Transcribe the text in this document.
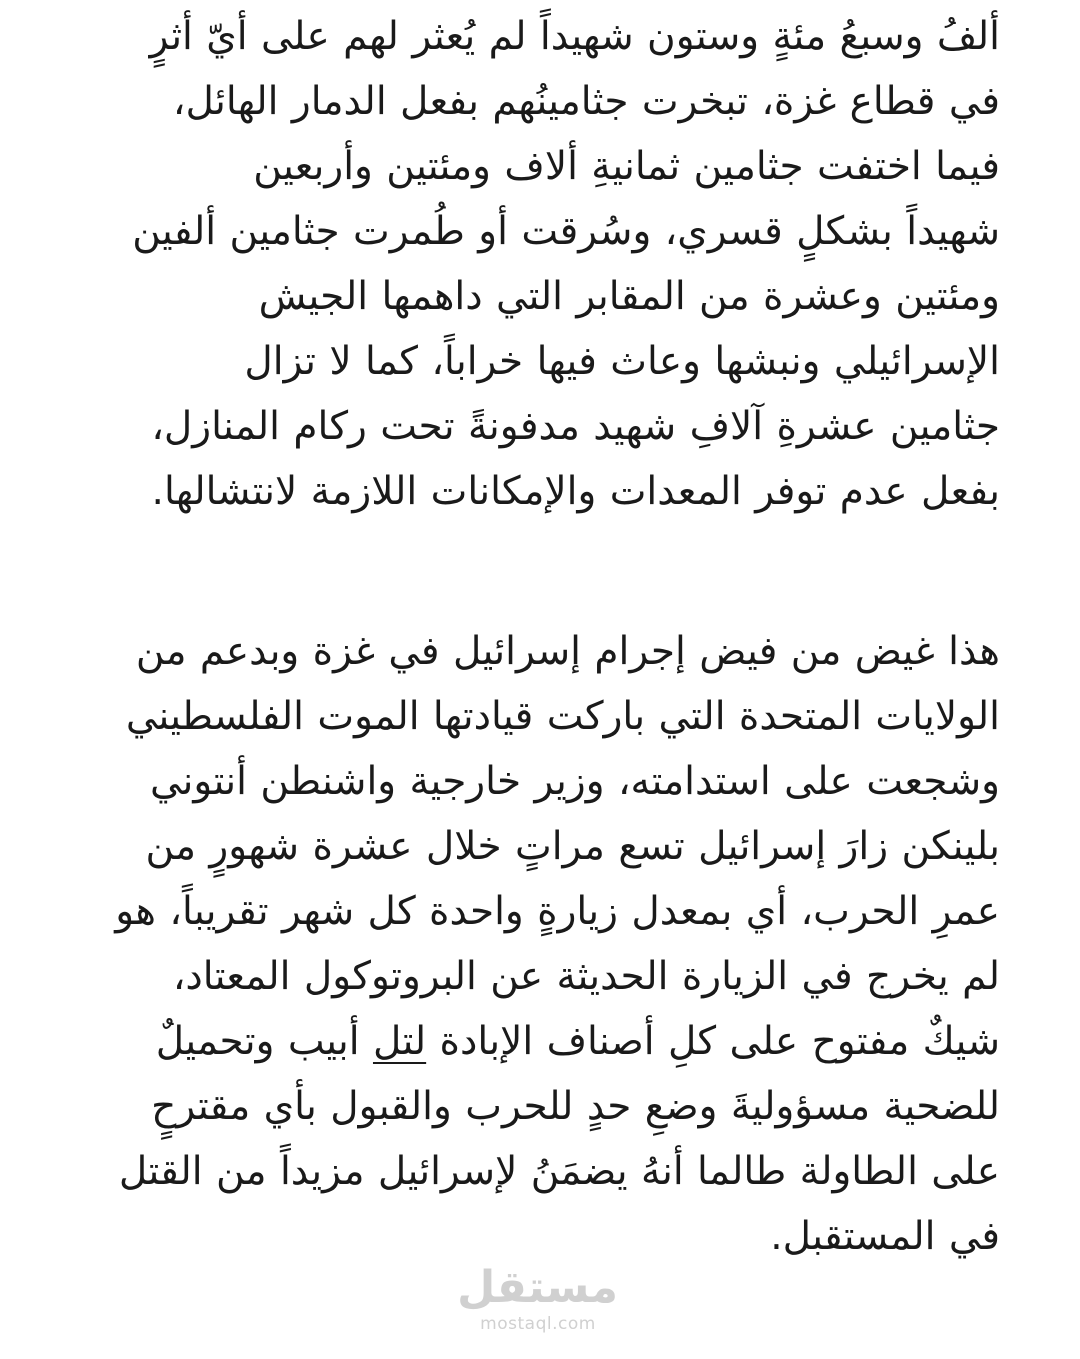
ألفُ وسبعُ مئةٍ وستون شهيداً لم يُعثر لهم على أيّ أثرٍ
في قطاع غزة، تبخرت جثامينُهم بفعل الدمار الهائل،
فيما اختفت جثامين ثمانيةِ ألاف ومئتين وأربعين
شهيداً بشكلٍ قسري، وسُرقت أو طُمرت جثامين ألفين
ومئتين وعشرة من المقابر التي داهمها الجيش
الإسرائيلي ونبشها وعاث فيها خراباً، كما لا تزال
جثامين عشرةِ آلافِ شهيد مدفونةً تحت ركام المنازل،
بفعل عدم توفر المعدات والإمكانات اللازمة لانتشالها.

هذا غيض من فيض إجرام إسرائيل في غزة وبدعم من
الولايات المتحدة التي باركت قيادتها الموت الفلسطيني
وشجعت على استدامته، وزير خارجية واشنطن أنتوني
بلينكن زارَ إسرائيل تسع مراتٍ خلال عشرة شهورٍ من
عمرِ الحرب، أي بمعدل زيارةٍ واحدة كل شهر تقريباً، هو
لم يخرج في الزيارة الحديثة عن البروتوكول المعتاد،
شيكٌ مفتوح على كلِ أصناف الإبادة لتل أبيب وتحميلٌ
للضحية مسؤوليةَ وضعِ حدٍ للحرب والقبول بأي مقترحٍ
على الطاولة طالما أنهُ يضمَنُ لإسرائيل مزيداً من القتل
في المستقبل.

مستقل
mostaql.com
